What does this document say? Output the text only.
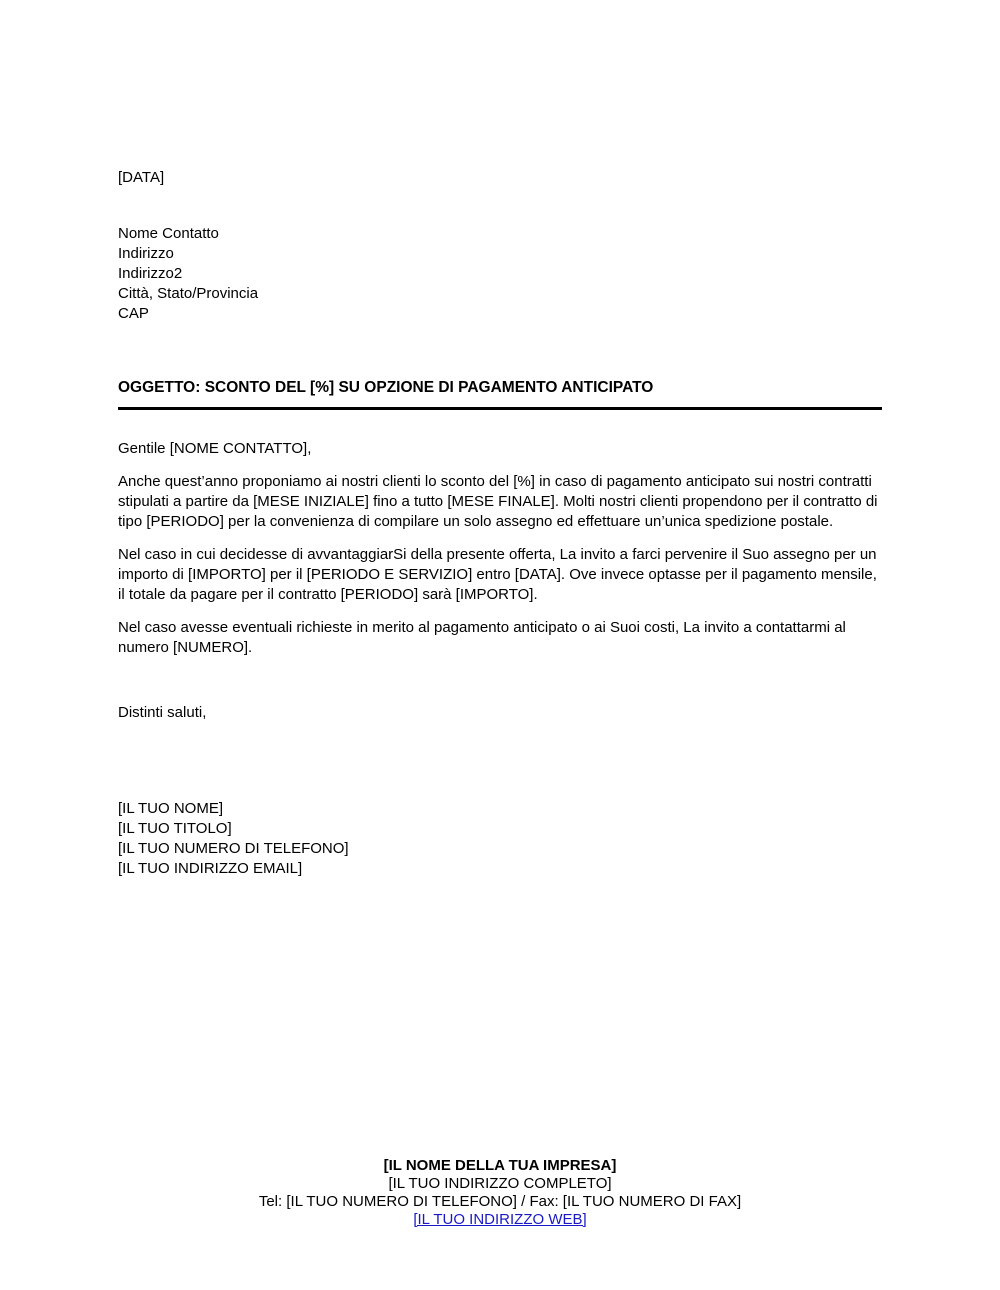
[DATA]
Nome Contatto
Indirizzo
Indirizzo2
Città, Stato/Provincia
CAP
OGGETTO: SCONTO DEL [%] SU OPZIONE DI PAGAMENTO ANTICIPATO
Gentile [NOME CONTATTO],
Anche quest’anno proponiamo ai nostri clienti lo sconto del [%] in caso di pagamento anticipato sui nostri contratti stipulati a partire da [MESE INIZIALE] fino a tutto [MESE FINALE]. Molti nostri clienti propendono per il contratto di tipo [PERIODO] per la convenienza di compilare un solo assegno ed effettuare un’unica spedizione postale.
Nel caso in cui decidesse di avvantaggiarSi della presente offerta, La invito a farci pervenire il Suo assegno per un importo di [IMPORTO] per il [PERIODO E SERVIZIO] entro [DATA]. Ove invece optasse per il pagamento mensile, il totale da pagare per il contratto [PERIODO] sarà [IMPORTO].
Nel caso avesse eventuali richieste in merito al pagamento anticipato o ai Suoi costi, La invito a contattarmi al numero [NUMERO].
Distinti saluti,
[IL TUO NOME]
[IL TUO TITOLO]
[IL TUO NUMERO DI TELEFONO]
[IL TUO INDIRIZZO EMAIL]
[IL NOME DELLA TUA IMPRESA]
[IL TUO INDIRIZZO COMPLETO]
Tel: [IL TUO NUMERO DI TELEFONO] / Fax: [IL TUO NUMERO DI FAX]
[IL TUO INDIRIZZO WEB]
